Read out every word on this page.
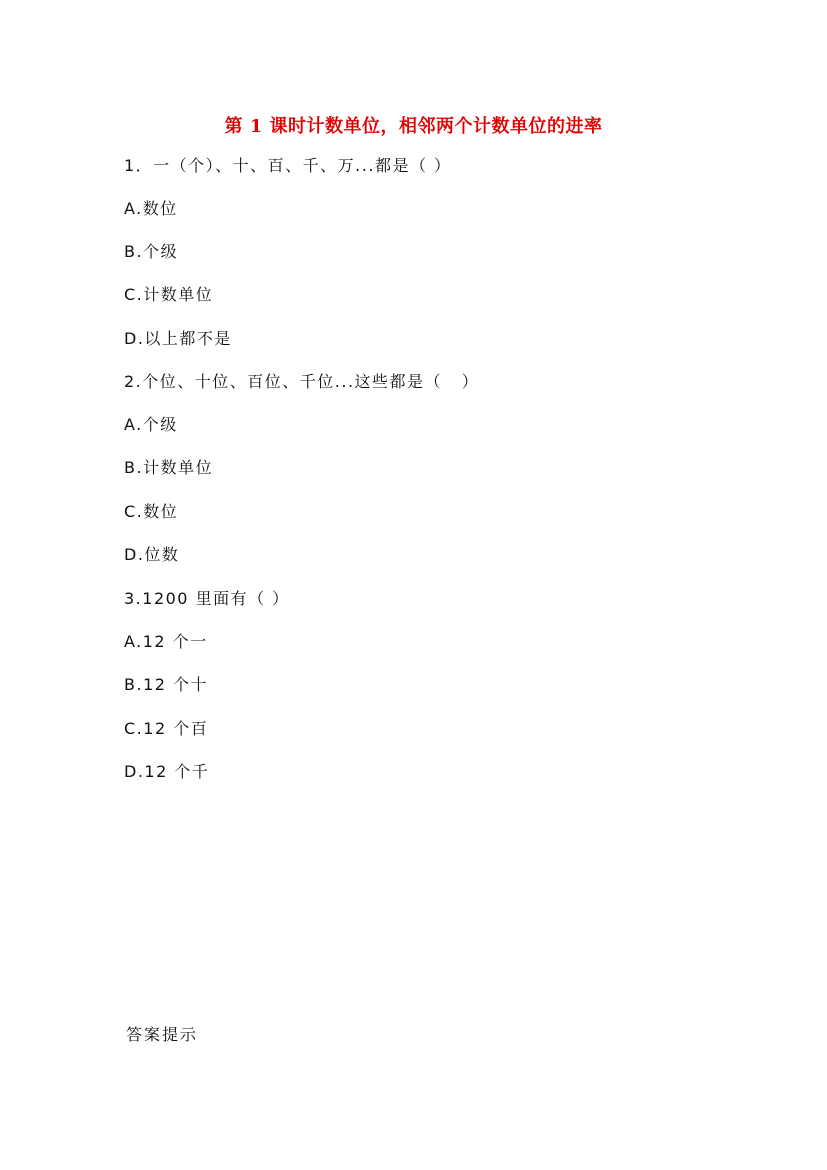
第 1 课时计数单位，相邻两个计数单位的进率
1．一（个）、十、百、千、万...都是（ ）
A.数位
B.个级
C.计数单位
D.以上都不是
2.个位、十位、百位、千位...这些都是（   ）
A.个级
B.计数单位
C.数位
D.位数
3.1200 里面有（ ）
A.12 个一
B.12 个十
C.12 个百
D.12 个千
答案提示
